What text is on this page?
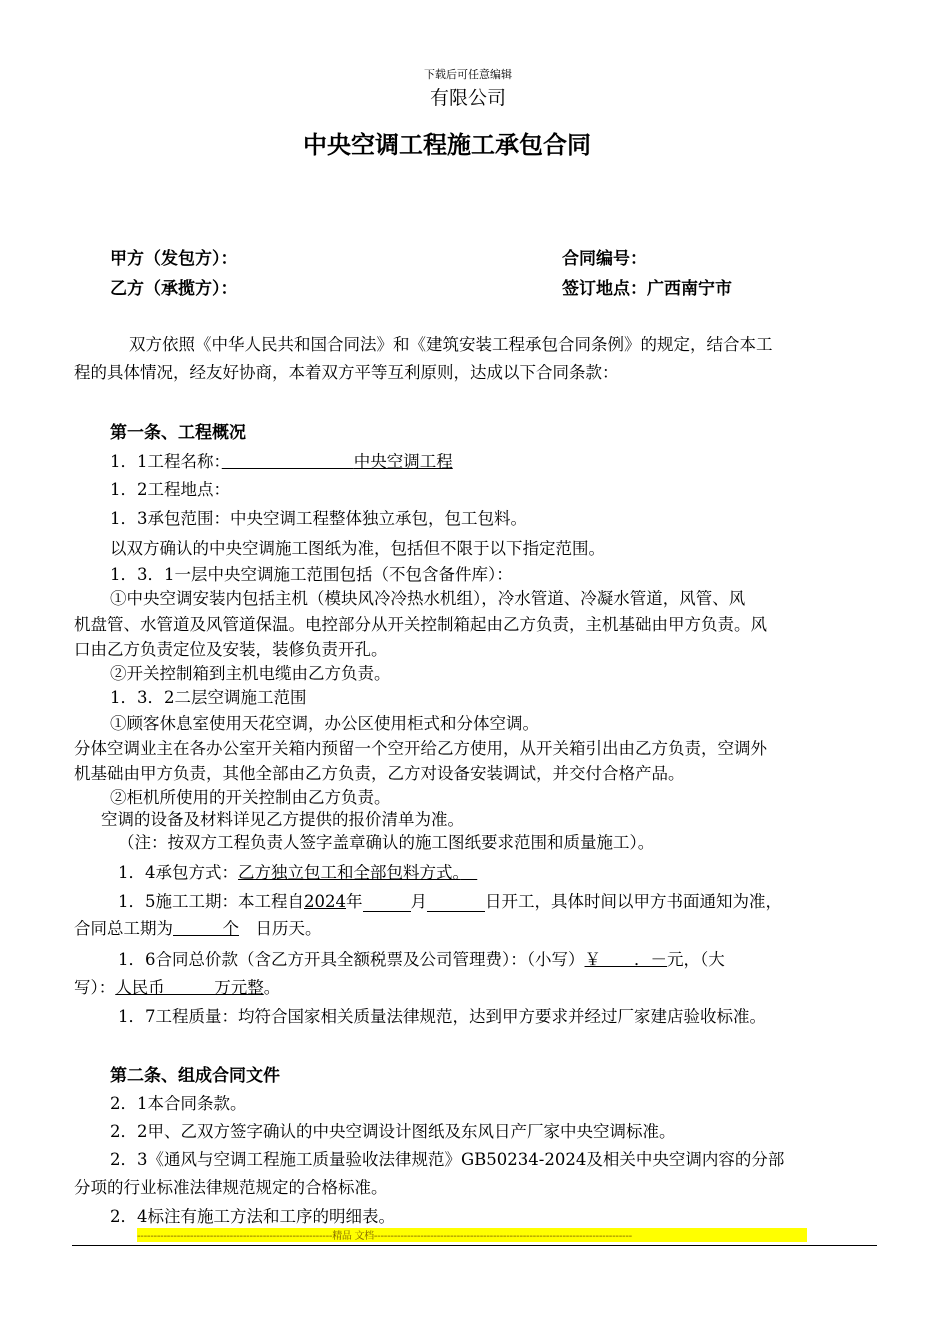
下载后可任意编辑
有限公司
中央空调工程施工承包合同
甲方（发包方）：
乙方（承揽方）：
合同编号：
签订地点：广西南宁市
双方依照《中华人民共和国合同法》和《建筑安装工程承包合同条例》的规定，结合本工
程的具体情况，经友好协商，本着双方平等互利原则，达成以下合同条款：
第一条、工程概况
1．1工程名称：　　　　　　　　	中央空调工程
1．2工程地点：
1．3承包范围：中央空调工程整体独立承包，包工包料。
以双方确认的中央空调施工图纸为准，包括但不限于以下指定范围。
1．3．1一层中央空调施工范围包括（不包含备件库）：
①中央空调安装内包括主机（模块风冷冷热水机组），冷水管道、冷凝水管道，风管、风
机盘管、水管道及风管道保温。电控部分从开关控制箱起由乙方负责，主机基础由甲方负责。风
口由乙方负责定位及安装，装修负责开孔。
②开关控制箱到主机电缆由乙方负责。
1．3．2二层空调施工范围
①顾客休息室使用天花空调，办公区使用柜式和分体空调。
分体空调业主在各办公室开关箱内预留一个空开给乙方使用，从开关箱引出由乙方负责，空调外
机基础由甲方负责，其他全部由乙方负责，乙方对设备安装调试，并交付合格产品。
②柜机所使用的开关控制由乙方负责。
空调的设备及材料详见乙方提供的报价清单为准。
（注：按双方工程负责人签字盖章确认的施工图纸要求范围和质量施工）。
1．4承包方式：乙方独立包工和全部包料方式。　
1．5施工工期：本工程自2024年	月	日开工，具体时间以甲方书面通知为准，
合同总工期为　　　	个　 日历天。
1．6合同总价款（含乙方开具全额税票及公司管理费）：（小写）￥　　．－元，（大
写）：人民币　　　万元整。
1．7工程质量：均符合国家相关质量法律规范，达到甲方要求并经过厂家建店验收标准。
第二条、组成合同文件
2．1本合同条款。
2．2甲、乙双方签字确认的中央空调设计图纸及东风日产厂家中央空调标准。
2．3《通风与空调工程施工质量验收法律规范》GB50234-2024及相关中央空调内容的分部
分项的行业标准法律规范规定的合格标准。
2．4标注有施工方法和工序的明细表。
-----------------------------------------------------------精品 文档------------------------------------------------------------------------------
